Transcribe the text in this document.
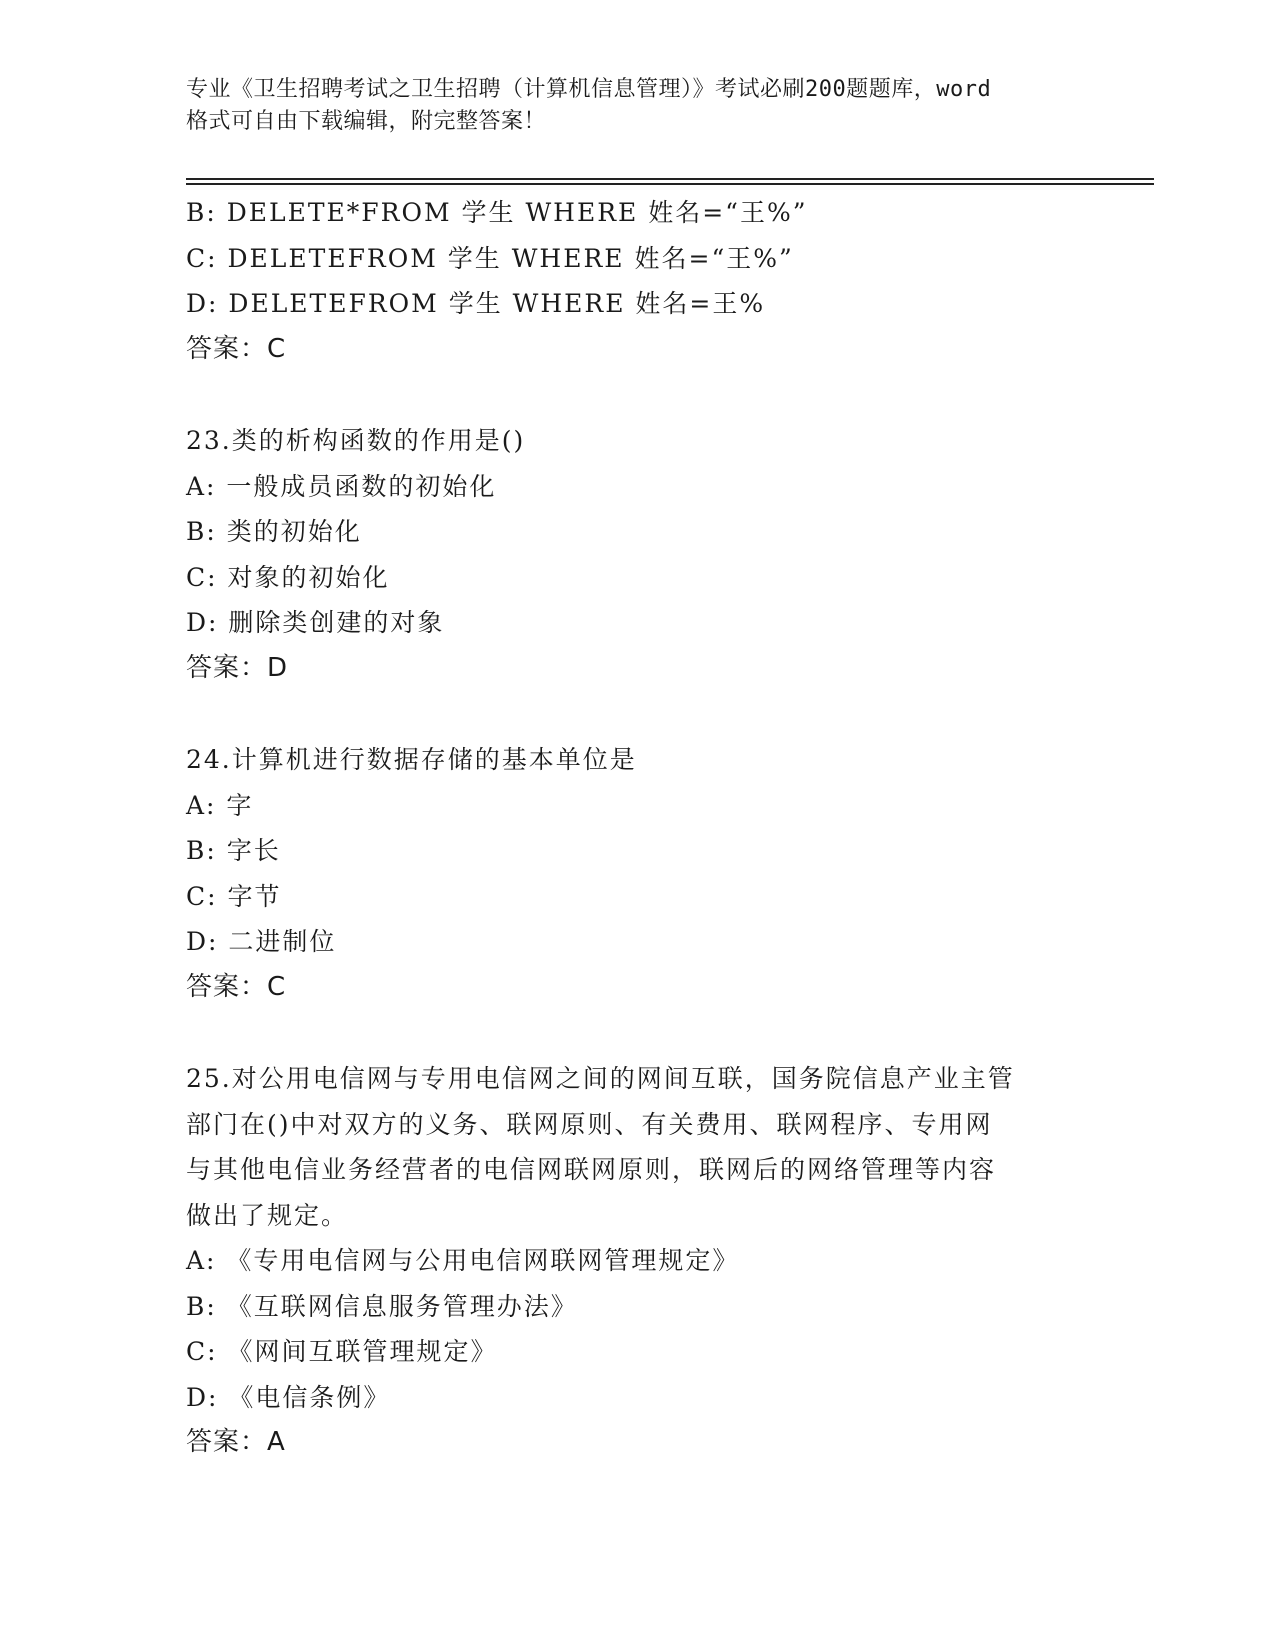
专业《卫生招聘考试之卫生招聘（计算机信息管理）》考试必刷200题题库，word
格式可自由下载编辑，附完整答案！
B: DELETE*FROM 学生 WHERE 姓名=“王%”
C: DELETEFROM 学生 WHERE 姓名=“王%”
D: DELETEFROM 学生 WHERE 姓名=王%
答案：C
23.类的析构函数的作用是()
A: 一般成员函数的初始化
B: 类的初始化
C: 对象的初始化
D: 删除类创建的对象
答案：D
24.计算机进行数据存储的基本单位是
A: 字
B: 字长
C: 字节
D: 二进制位
答案：C
25.对公用电信网与专用电信网之间的网间互联，国务院信息产业主管
部门在()中对双方的义务、联网原则、有关费用、联网程序、专用网
与其他电信业务经营者的电信网联网原则，联网后的网络管理等内容
做出了规定。
A: 《专用电信网与公用电信网联网管理规定》
B: 《互联网信息服务管理办法》
C: 《网间互联管理规定》
D: 《电信条例》
答案：A
